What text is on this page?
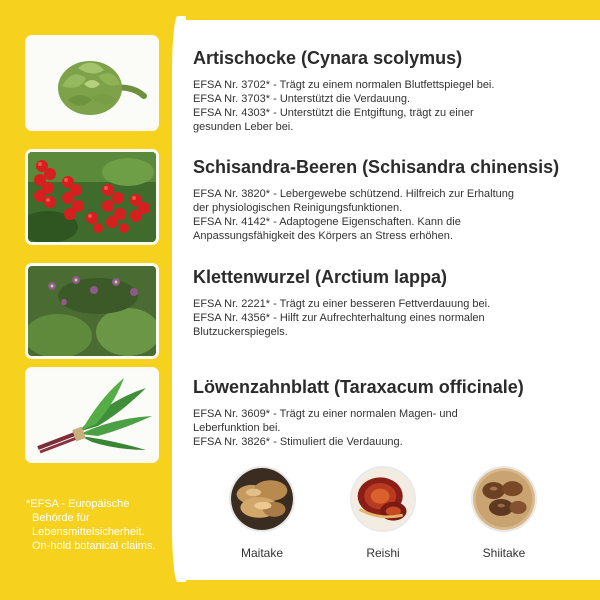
Artischocke (Cynara scolymus)

EFSA Nr. 3702* - Trägt zu einem normalen Blutfettspiegel bei.

EFSA Nr. 3703* - Unterstützt die Verdauung.

EFSA Nr. 4303* - Unterstützt die Entgiftung, trägt zu einer

gesunden Leber bei.

Schisandra-Beeren (Schisandra chinensis)

EFSA Nr. 3820* - Lebergewebe schützend. Hilfreich zur Erhaltung

der physiologischen Reinigungsfunktionen.

EFSA Nr. 4142* - Adaptogene Eigenschaften. Kann die

Anpassungsfähigkeit des Körpers an Stress erhöhen.

Klettenwurzel (Arctium lappa)

EFSA Nr. 2221* - Trägt zu einer besseren Fettverdauung bei.

EFSA Nr. 4356* - Hilft zur Aufrechterhaltung eines normalen

Blutzuckerspiegels.

Löwenzahnblatt (Taraxacum officinale)

EFSA Nr. 3609* - Trägt zu einer normalen Magen- und

Leberfunktion bei.

EFSA Nr. 3826* - Stimuliert die Verdauung.

*EFSA - Europäische
Behörde für
Lebensmittelsicherheit.
On-hold botanical claims.	Maitake	Reishi	Shiitake
